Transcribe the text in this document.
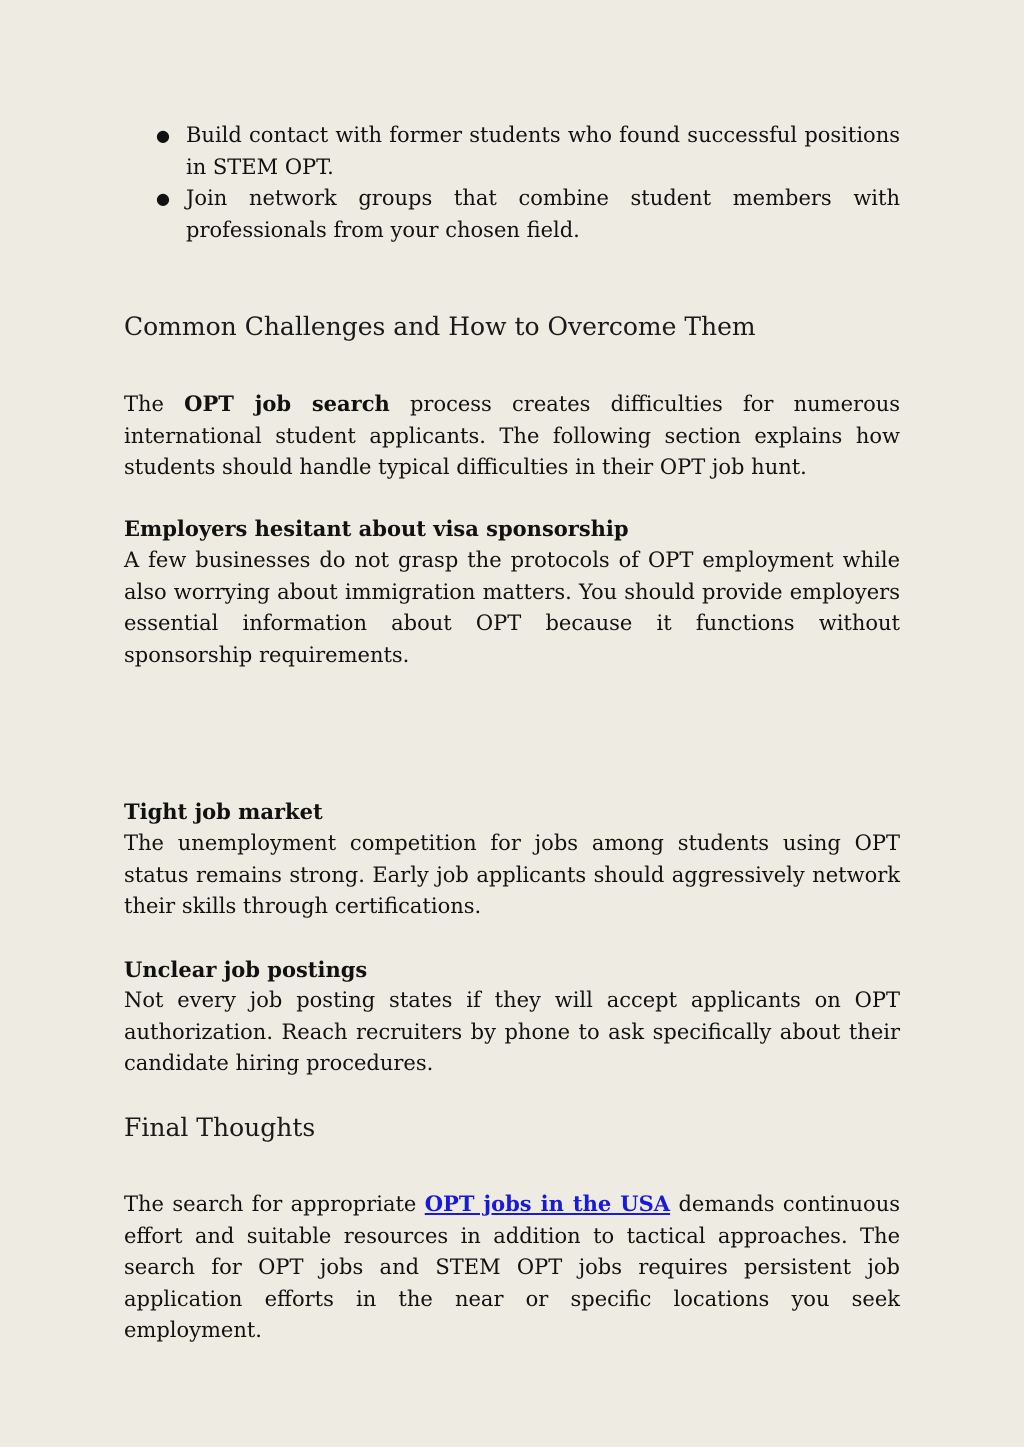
● Build contact with former students who found successful positions in STEM OPT.
● Join network groups that combine student members with professionals from your chosen field.
Common Challenges and How to Overcome Them

The OPT job search process creates difficulties for numerous international student applicants. The following section explains how students should handle typical difficulties in their OPT job hunt.

Employers hesitant about visa sponsorship

A few businesses do not grasp the protocols of OPT employment while also worrying about immigration matters. You should provide employers essential information about OPT because it functions without sponsorship requirements.

Tight job market

The unemployment competition for jobs among students using OPT status remains strong. Early job applicants should aggressively network their skills through certifications.

Unclear job postings

Not every job posting states if they will accept applicants on OPT authorization. Reach recruiters by phone to ask specifically about their candidate hiring procedures.

Final Thoughts

The search for appropriate OPT jobs in the USA demands continuous effort and suitable resources in addition to tactical approaches. The search for OPT jobs and STEM OPT jobs requires persistent job application efforts in the near or specific locations you seek employment.
